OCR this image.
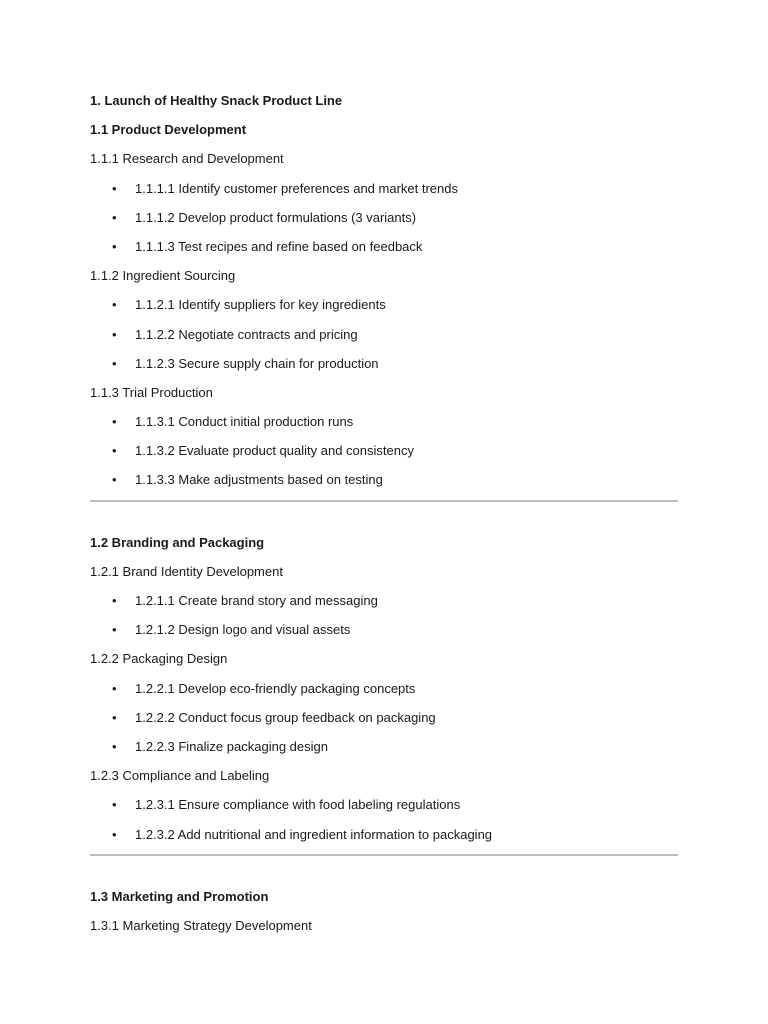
1. Launch of Healthy Snack Product Line
1.1 Product Development
1.1.1 Research and Development
• 1.1.1.1 Identify customer preferences and market trends
• 1.1.1.2 Develop product formulations (3 variants)
• 1.1.1.3 Test recipes and refine based on feedback
1.1.2 Ingredient Sourcing
• 1.1.2.1 Identify suppliers for key ingredients
• 1.1.2.2 Negotiate contracts and pricing
• 1.1.2.3 Secure supply chain for production
1.1.3 Trial Production
• 1.1.3.1 Conduct initial production runs
• 1.1.3.2 Evaluate product quality and consistency
• 1.1.3.3 Make adjustments based on testing
1.2 Branding and Packaging
1.2.1 Brand Identity Development
• 1.2.1.1 Create brand story and messaging
• 1.2.1.2 Design logo and visual assets
1.2.2 Packaging Design
• 1.2.2.1 Develop eco-friendly packaging concepts
• 1.2.2.2 Conduct focus group feedback on packaging
• 1.2.2.3 Finalize packaging design
1.2.3 Compliance and Labeling
• 1.2.3.1 Ensure compliance with food labeling regulations
• 1.2.3.2 Add nutritional and ingredient information to packaging
1.3 Marketing and Promotion
1.3.1 Marketing Strategy Development
